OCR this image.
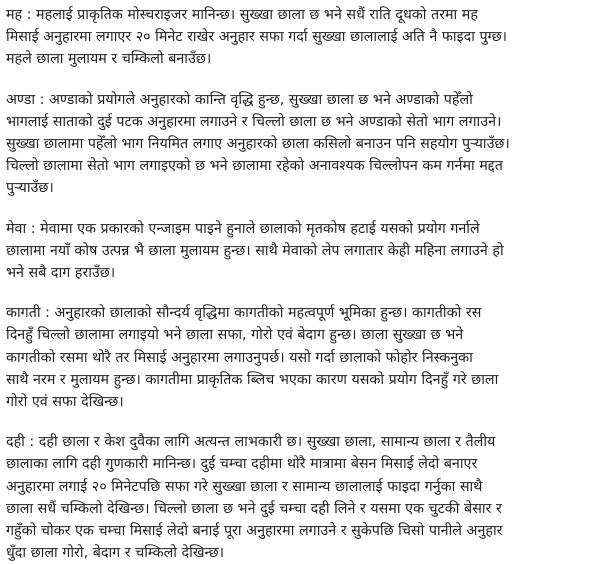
मह : महलाई प्राकृतिक मोस्चराइजर मानिन्छ। सुख्खा छाला छ भने सधैं राति दूधको तरमा मह
मिसाई अनुहारमा लगाएर २० मिनेट राखेर अनुहार सफा गर्दा सुख्खा छालालाई अति नै फाइदा पुग्छ।
महले छाला मुलायम र चम्किलो बनाउँछ।

अण्डा : अण्डाको प्रयोगले अनुहारको कान्ति वृद्धि हुन्छ, सुख्खा छाला छ भने अण्डाको पहेँलो
भागलाई साताको दुई पटक अनुहारमा लगाउने र चिल्लो छाला छ भने अण्डाको सेतो भाग लगाउने।
सुख्खा छालामा पहेँलो भाग नियमित लगाए अनुहारको छाला कसिलो बनाउन पनि सहयोग पुऱ्याउँछ।
चिल्लो छालामा सेतो भाग लगाइएको छ भने छालामा रहेको अनावश्यक चिल्लोपन कम गर्नमा मद्दत
पुऱ्याउँछ।

मेवा : मेवामा एक प्रकारको एन्जाइम पाइने हुनाले छालाको मृतकोष हटाई यसको प्रयोग गर्नाले
छालामा नयाँ कोष उत्पन्न भै छाला मुलायम हुन्छ। साथै मेवाको लेप लगातार केही महिना लगाउने हो
भने सबै दाग हराउँछ।

कागती : अनुहारको छालाको सौन्दर्य वृद्धिमा कागतीको महत्वपूर्ण भूमिका हुन्छ। कागतीको रस
दिनहुँ चिल्लो छालामा लगाइयो भने छाला सफा, गोरो एवं बेदाग हुन्छ। छाला सुख्खा छ भने
कागतीको रसमा थोरै तर मिसाई अनुहारमा लगाउनुपर्छ। यसो गर्दा छालाको फोहोर निस्कनुका
साथै नरम र मुलायम हुन्छ। कागतीमा प्राकृतिक ब्लिच भएका कारण यसको प्रयोग दिनहुँ गरे छाला
गोरो एवं सफा देखिन्छ।

दही : दही छाला र केश दुवैका लागि अत्यन्त लाभकारी छ। सुख्खा छाला, सामान्य छाला र तैलीय
छालाका लागि दही गुणकारी मानिन्छ। दुई चम्चा दहीमा थोरै मात्रामा बेसन मिसाई लेदो बनाएर
अनुहारमा लगाई २० मिनेटपछि सफा गरे सुख्खा छाला र सामान्य छालालाई फाइदा गर्नुका साथै
छाला सधैं चम्किलो देखिन्छ। चिल्लो छाला छ भने दुई चम्चा दही लिने र यसमा एक चुटकी बेसार र
गहुँको चोकर एक चम्चा मिसाई लेदो बनाई पूरा अनुहारमा लगाउने र सुकेपछि चिसो पानीले अनुहार
धुँदा छाला गोरो, बेदाग र चम्किलो देखिन्छ।
